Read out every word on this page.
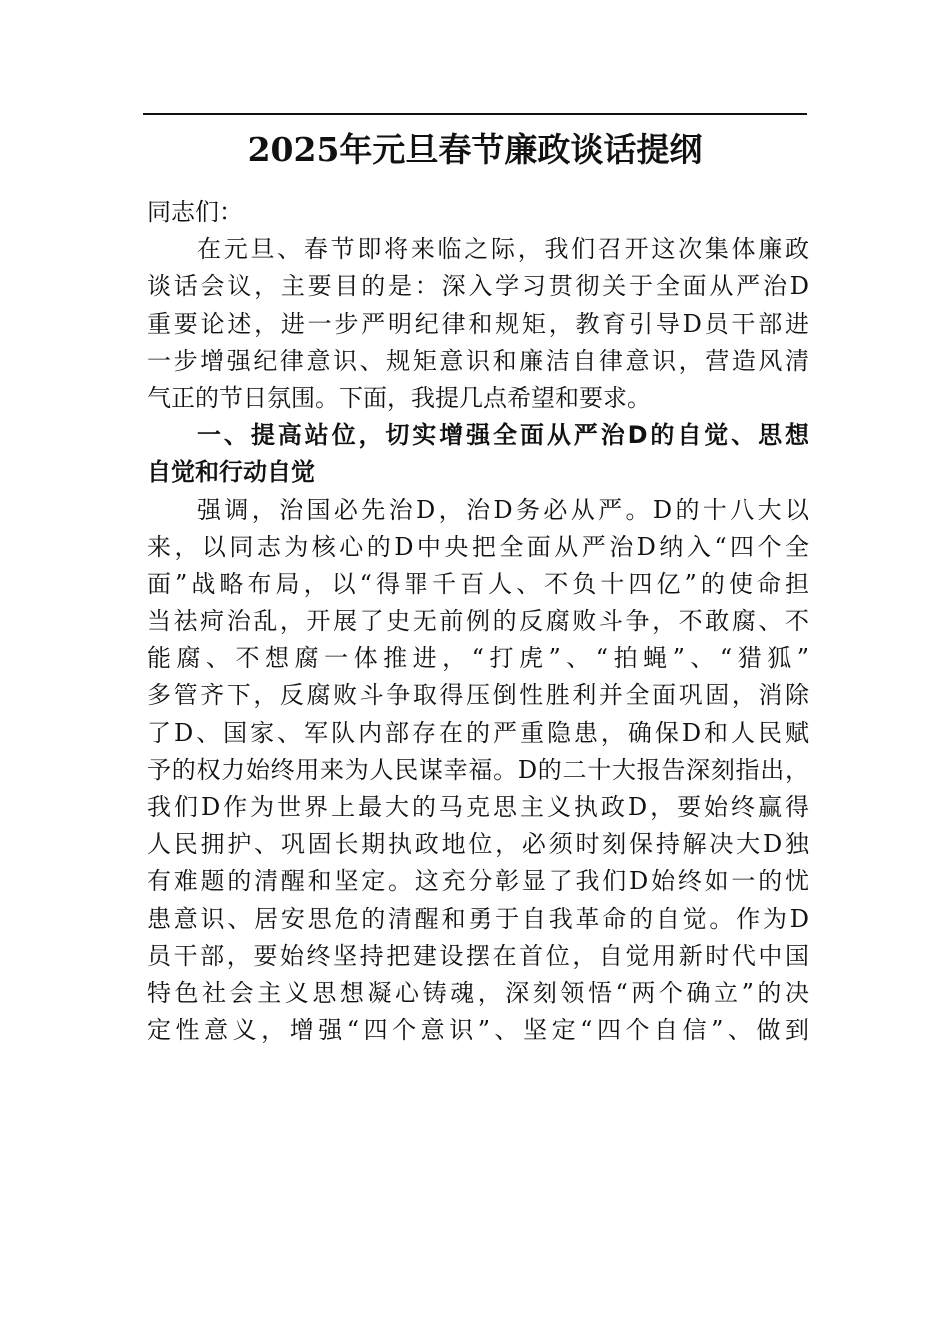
2025年元旦春节廉政谈话提纲
同志们：
在元旦、春节即将来临之际，我们召开这次集体廉政
谈话会议，主要目的是：深入学习贯彻关于全面从严治D
重要论述，进一步严明纪律和规矩，教育引导D员干部进
一步增强纪律意识、规矩意识和廉洁自律意识，营造风清
气正的节日氛围。下面，我提几点希望和要求。
一、提高站位，切实增强全面从严治D的自觉、思想
自觉和行动自觉
强调，治国必先治D，治D务必从严。D的十八大以
来，以同志为核心的D中央把全面从严治D纳入“四个全
面”战略布局，以“得罪千百人、不负十四亿”的使命担
当祛疴治乱，开展了史无前例的反腐败斗争，不敢腐、不
能腐、不想腐一体推进，“打虎”、“拍蝇”、“猎狐”
多管齐下，反腐败斗争取得压倒性胜利并全面巩固，消除
了D、国家、军队内部存在的严重隐患，确保D和人民赋
予的权力始终用来为人民谋幸福。D的二十大报告深刻指出，
我们D作为世界上最大的马克思主义执政D，要始终赢得
人民拥护、巩固长期执政地位，必须时刻保持解决大D独
有难题的清醒和坚定。这充分彰显了我们D始终如一的忧
患意识、居安思危的清醒和勇于自我革命的自觉。作为D
员干部，要始终坚持把建设摆在首位，自觉用新时代中国
特色社会主义思想凝心铸魂，深刻领悟“两个确立”的决
定性意义，增强“四个意识”、坚定“四个自信”、做到
